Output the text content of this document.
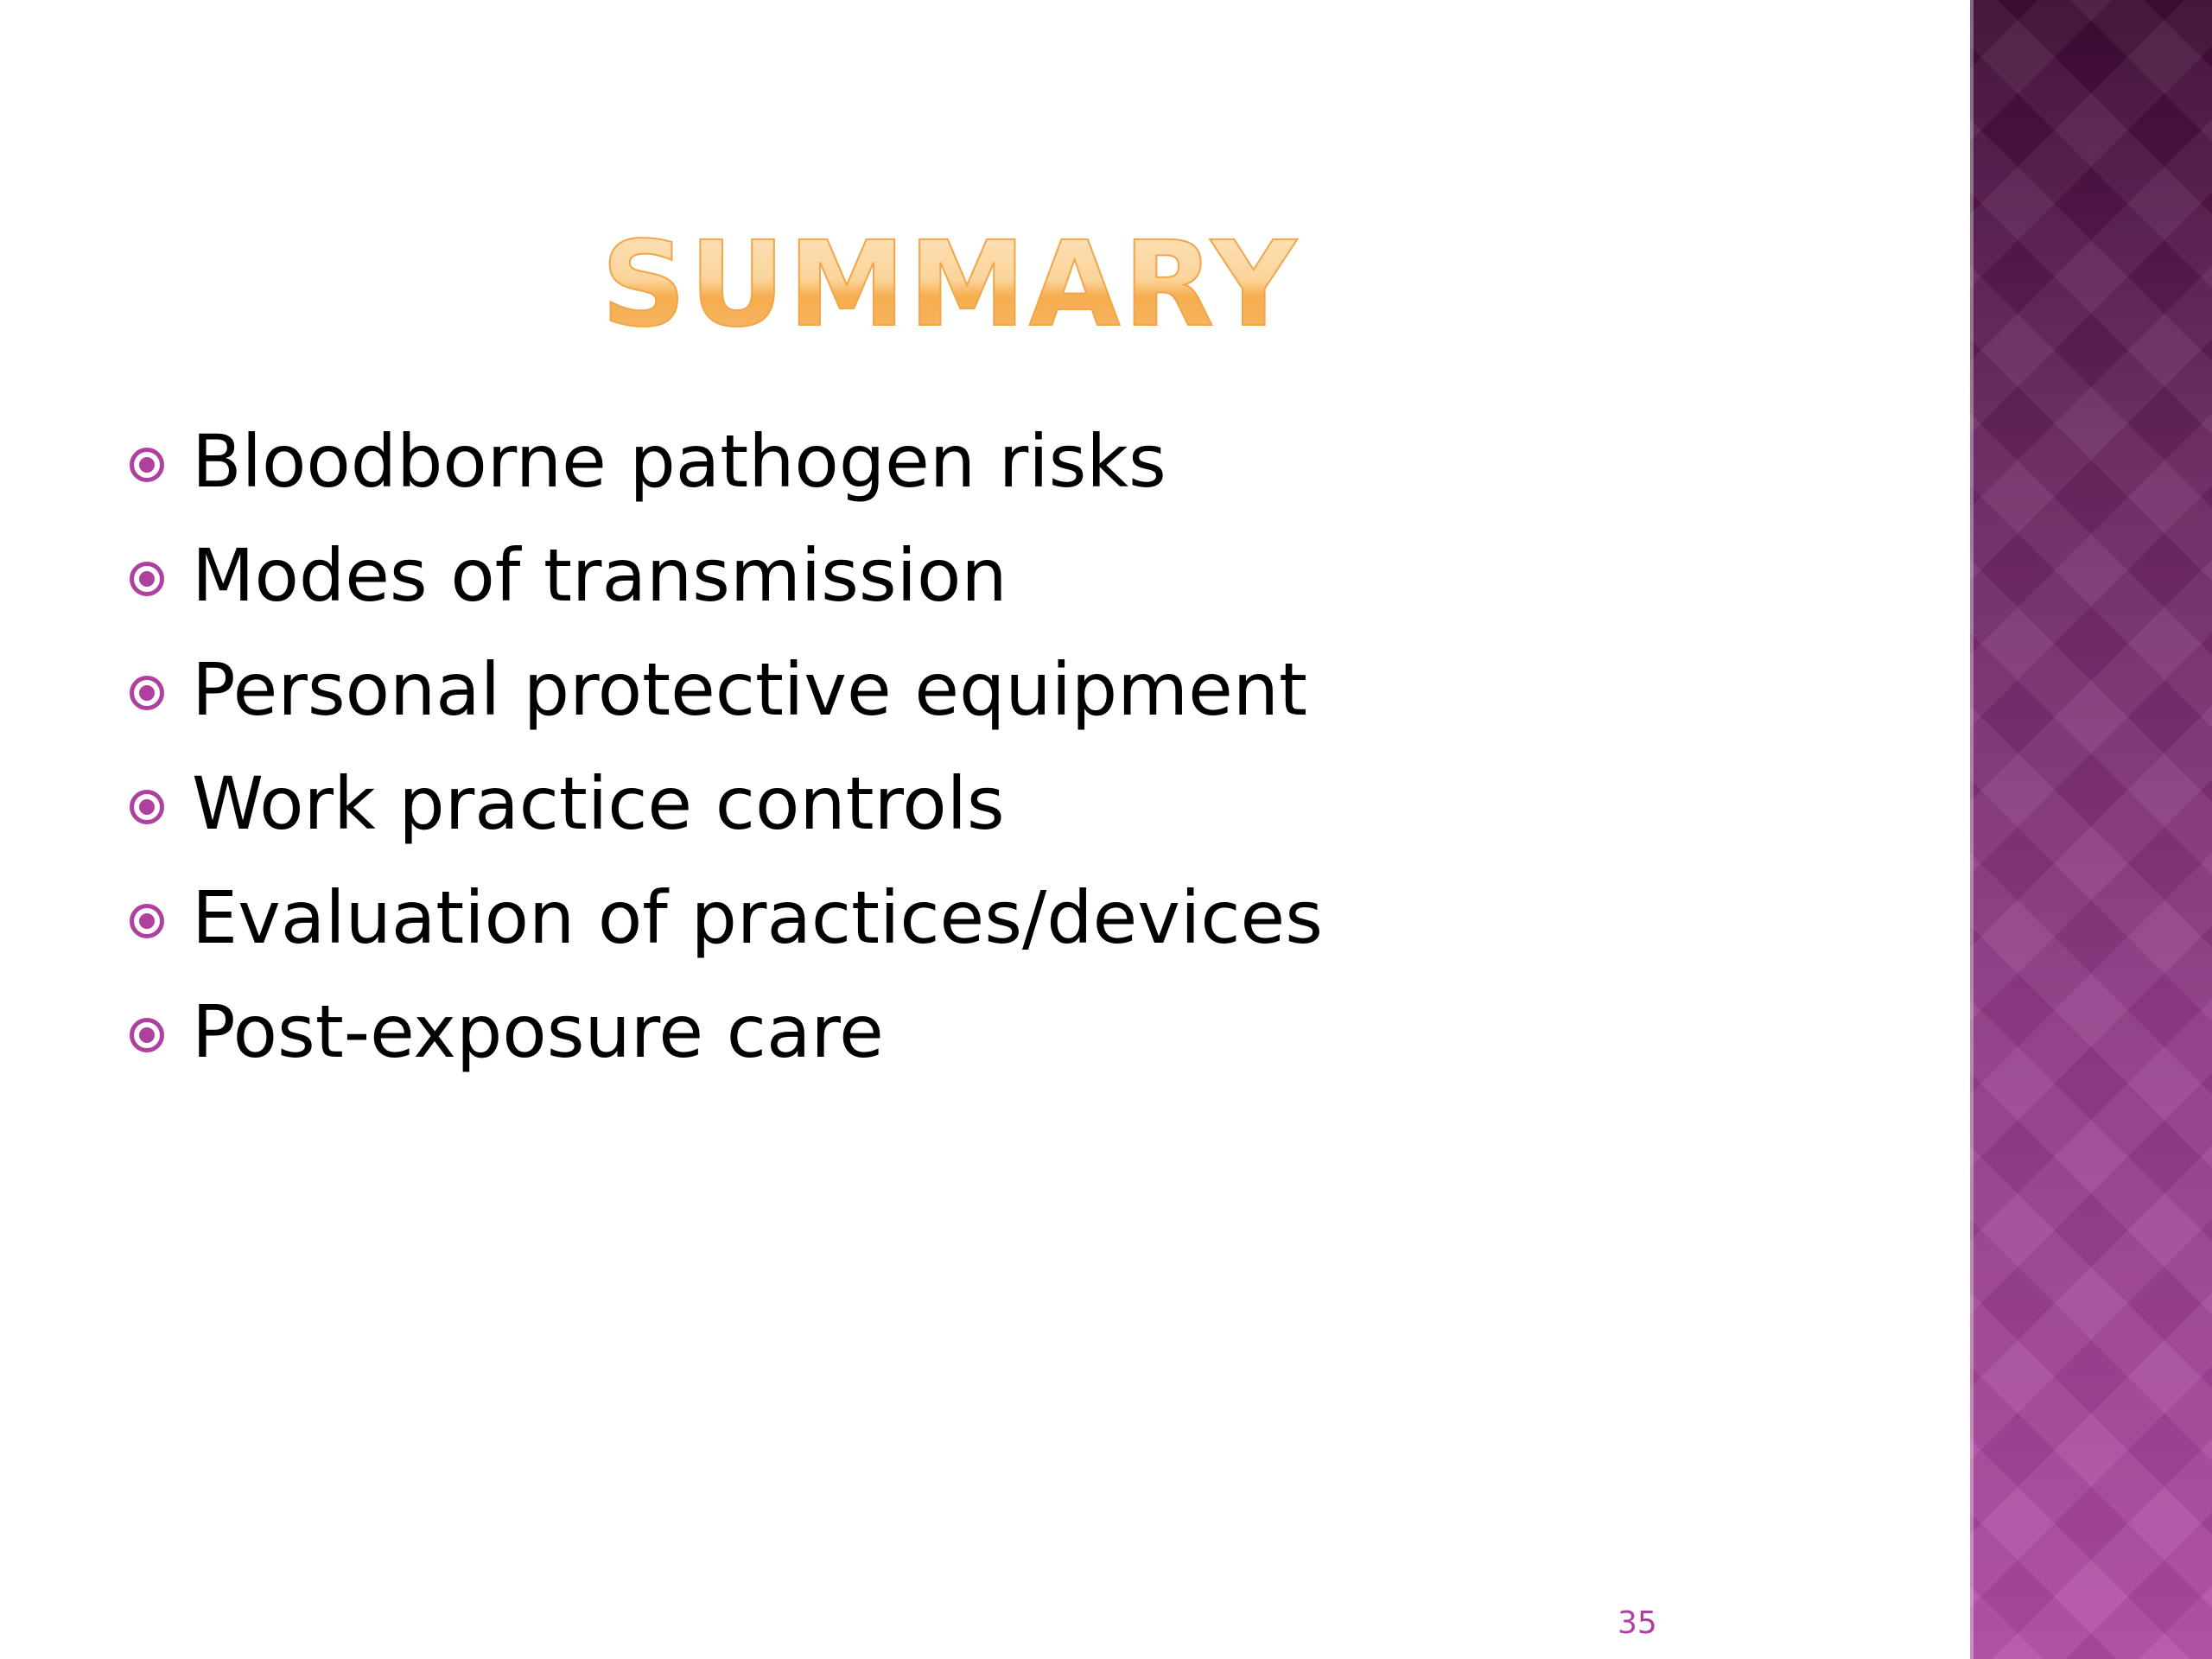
SUMMARY
Bloodborne pathogen risks
Modes of transmission
Personal protective equipment
Work practice controls
Evaluation of practices/devices
Post-exposure care
35
